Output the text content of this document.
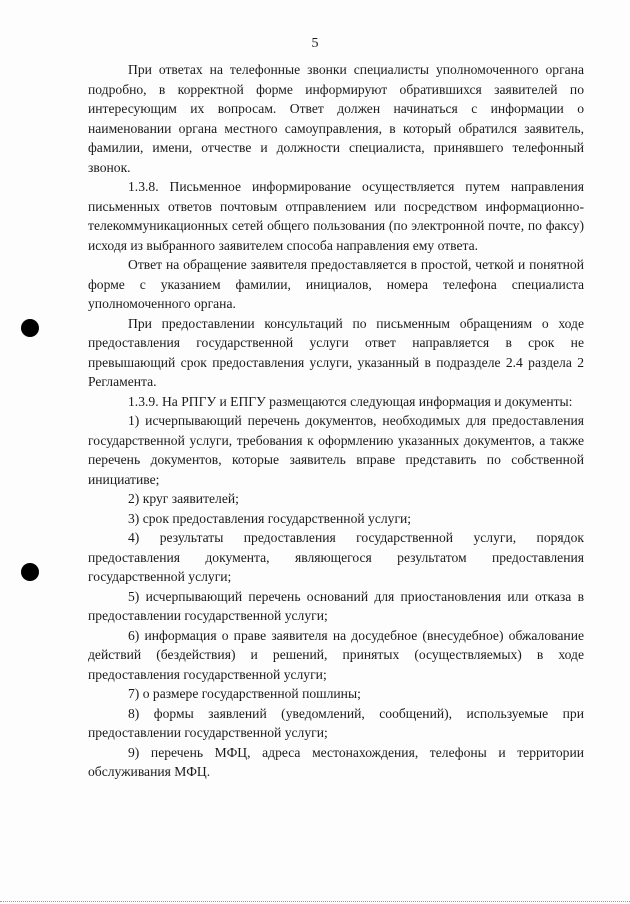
5

При ответах на телефонные звонки специалисты уполномоченного органа подробно, в корректной форме информируют обратившихся заявителей по интересующим их вопросам. Ответ должен начинаться с информации о наименовании органа местного самоуправления, в который обратился заявитель, фамилии, имени, отчестве и должности специалиста, принявшего телефонный звонок.

1.3.8. Письменное информирование осуществляется путем направления письменных ответов почтовым отправлением или посредством информационно-телекоммуникационных сетей общего пользования (по электронной почте, по факсу) исходя из выбранного заявителем способа направления ему ответа.

Ответ на обращение заявителя предоставляется в простой, четкой и понятной форме с указанием фамилии, инициалов, номера телефона специалиста уполномоченного органа.

При предоставлении консультаций по письменным обращениям о ходе предоставления государственной услуги ответ направляется в срок не превышающий срок предоставления услуги, указанный в подразделе 2.4 раздела 2 Регламента.

1.3.9. На РПГУ и ЕПГУ размещаются следующая информация и документы:

1) исчерпывающий перечень документов, необходимых для предоставления государственной услуги, требования к оформлению указанных документов, а также перечень документов, которые заявитель вправе представить по собственной инициативе;

2) круг заявителей;

3) срок предоставления государственной услуги;

4) результаты предоставления государственной услуги, порядок предоставления документа, являющегося результатом предоставления государственной услуги;

5) исчерпывающий перечень оснований для приостановления или отказа в предоставлении государственной услуги;

6) информация о праве заявителя на досудебное (внесудебное) обжалование действий (бездействия) и решений, принятых (осуществляемых) в ходе предоставления государственной услуги;

7) о размере государственной пошлины;

8) формы заявлений (уведомлений, сообщений), используемые при предоставлении государственной услуги;

9) перечень МФЦ, адреса местонахождения, телефоны и территории обслуживания МФЦ.
